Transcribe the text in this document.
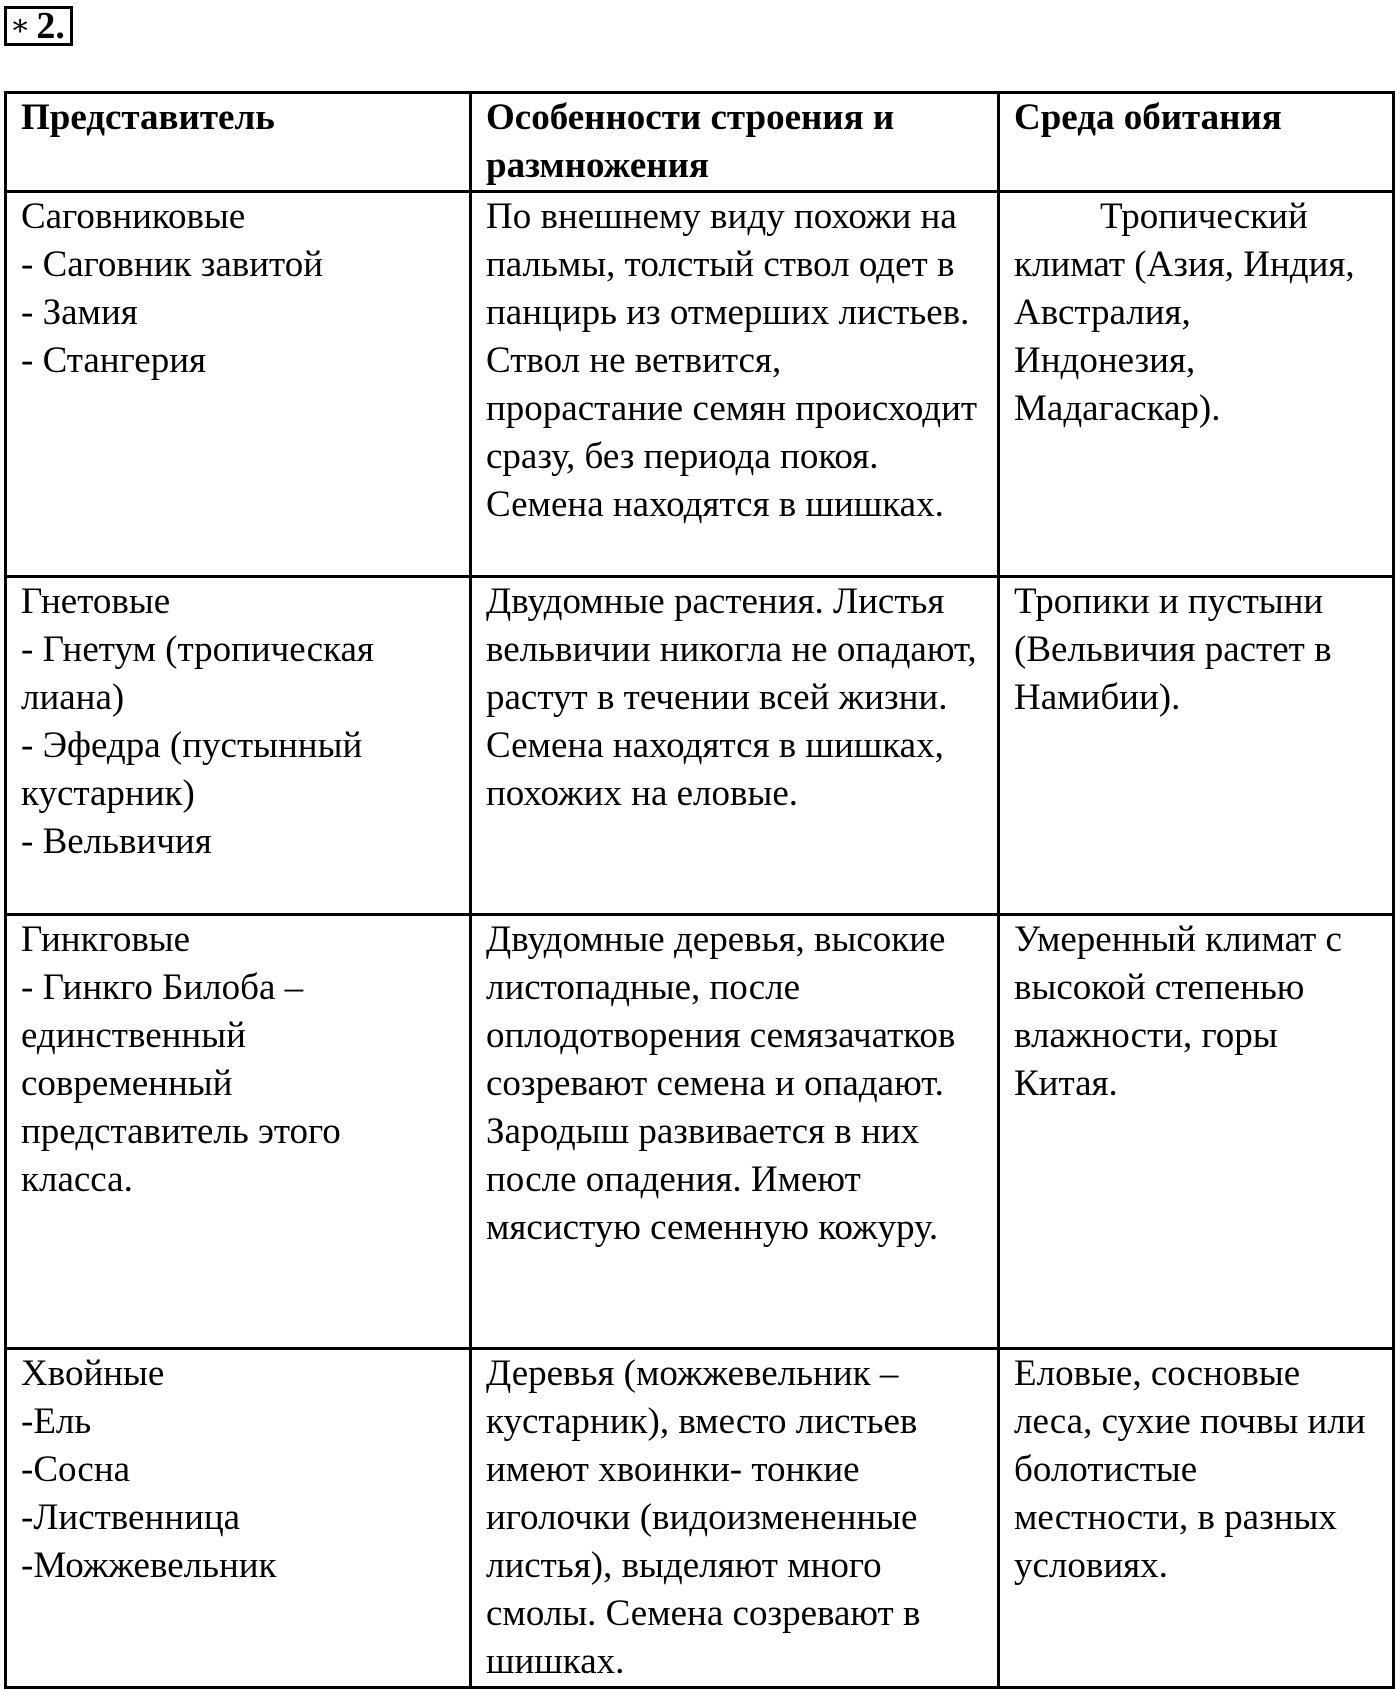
∗ 2.
Представитель	Особенности строения и размножения	Среда обитания

Саговниковые
- Саговник завитой
- Замия
- Стангерия	По внешнему виду похожи на пальмы, толстый ствол одет в панцирь из отмерших листьев. Ствол не ветвится, прорастание семян происходит сразу, без периода покоя. Семена находятся в шишках.	Тропический климат (Азия, Индия, Австралия, Индонезия, Мадагаскар).

Гнетовые
- Гнетум (тропическая лиана)
- Эфедра (пустынный кустарник)
- Вельвичия	Двудомные растения. Листья вельвичии никогла не опадают, растут в течении всей жизни. Семена находятся в шишках, похожих на еловые.	Тропики и пустыни (Вельвичия растет в Намибии).

Гинкговые
- Гинкго Билоба – единственный современный представитель этого класса.	Двудомные деревья, высокие листопадные, после оплодотворения семязачатков созревают семена и опадают. Зародыш развивается в них после опадения. Имеют мясистую семенную кожуру.	Умеренный климат с высокой степенью влажности, горы Китая.

Хвойные
-Ель
-Сосна
-Лиственница
-Можжевельник	Деревья (можжевельник – кустарник), вместо листьев имеют хвоинки- тонкие иголочки (видоизмененные листья), выделяют много смолы. Семена созревают в шишках.	Еловые, сосновые леса, сухие почвы или болотистые местности, в разных условиях.
